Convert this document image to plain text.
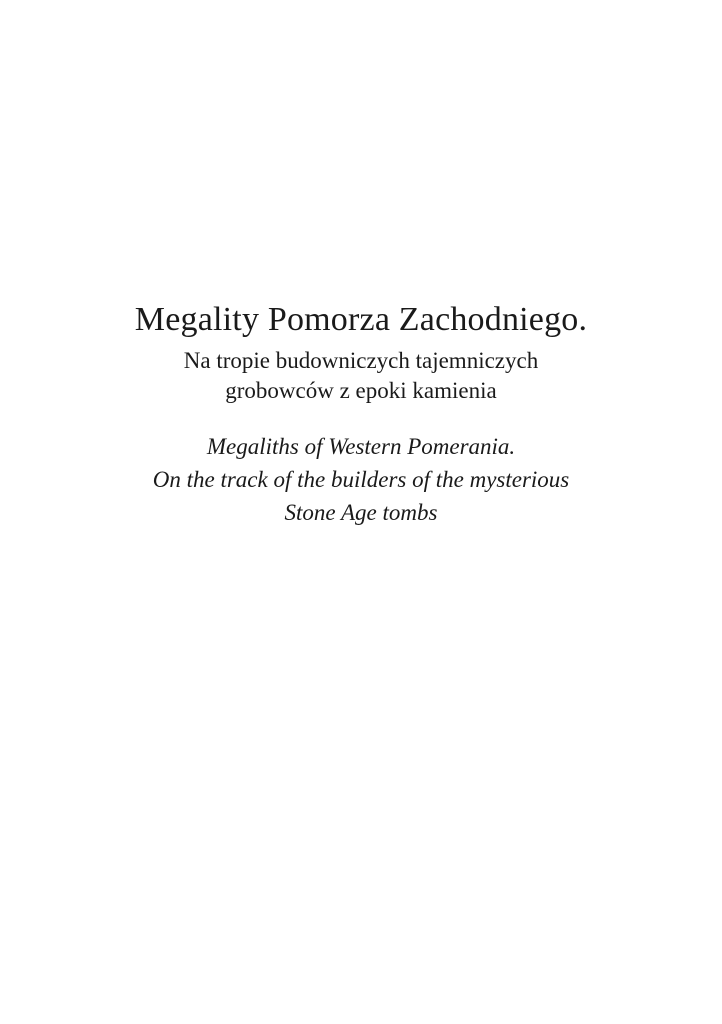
Megality Pomorza Zachodniego.

Na tropie budowniczych tajemniczych
grobowców z epoki kamienia

Megaliths of Western Pomerania.

On the track of the builders of the mysterious
Stone Age tombs
